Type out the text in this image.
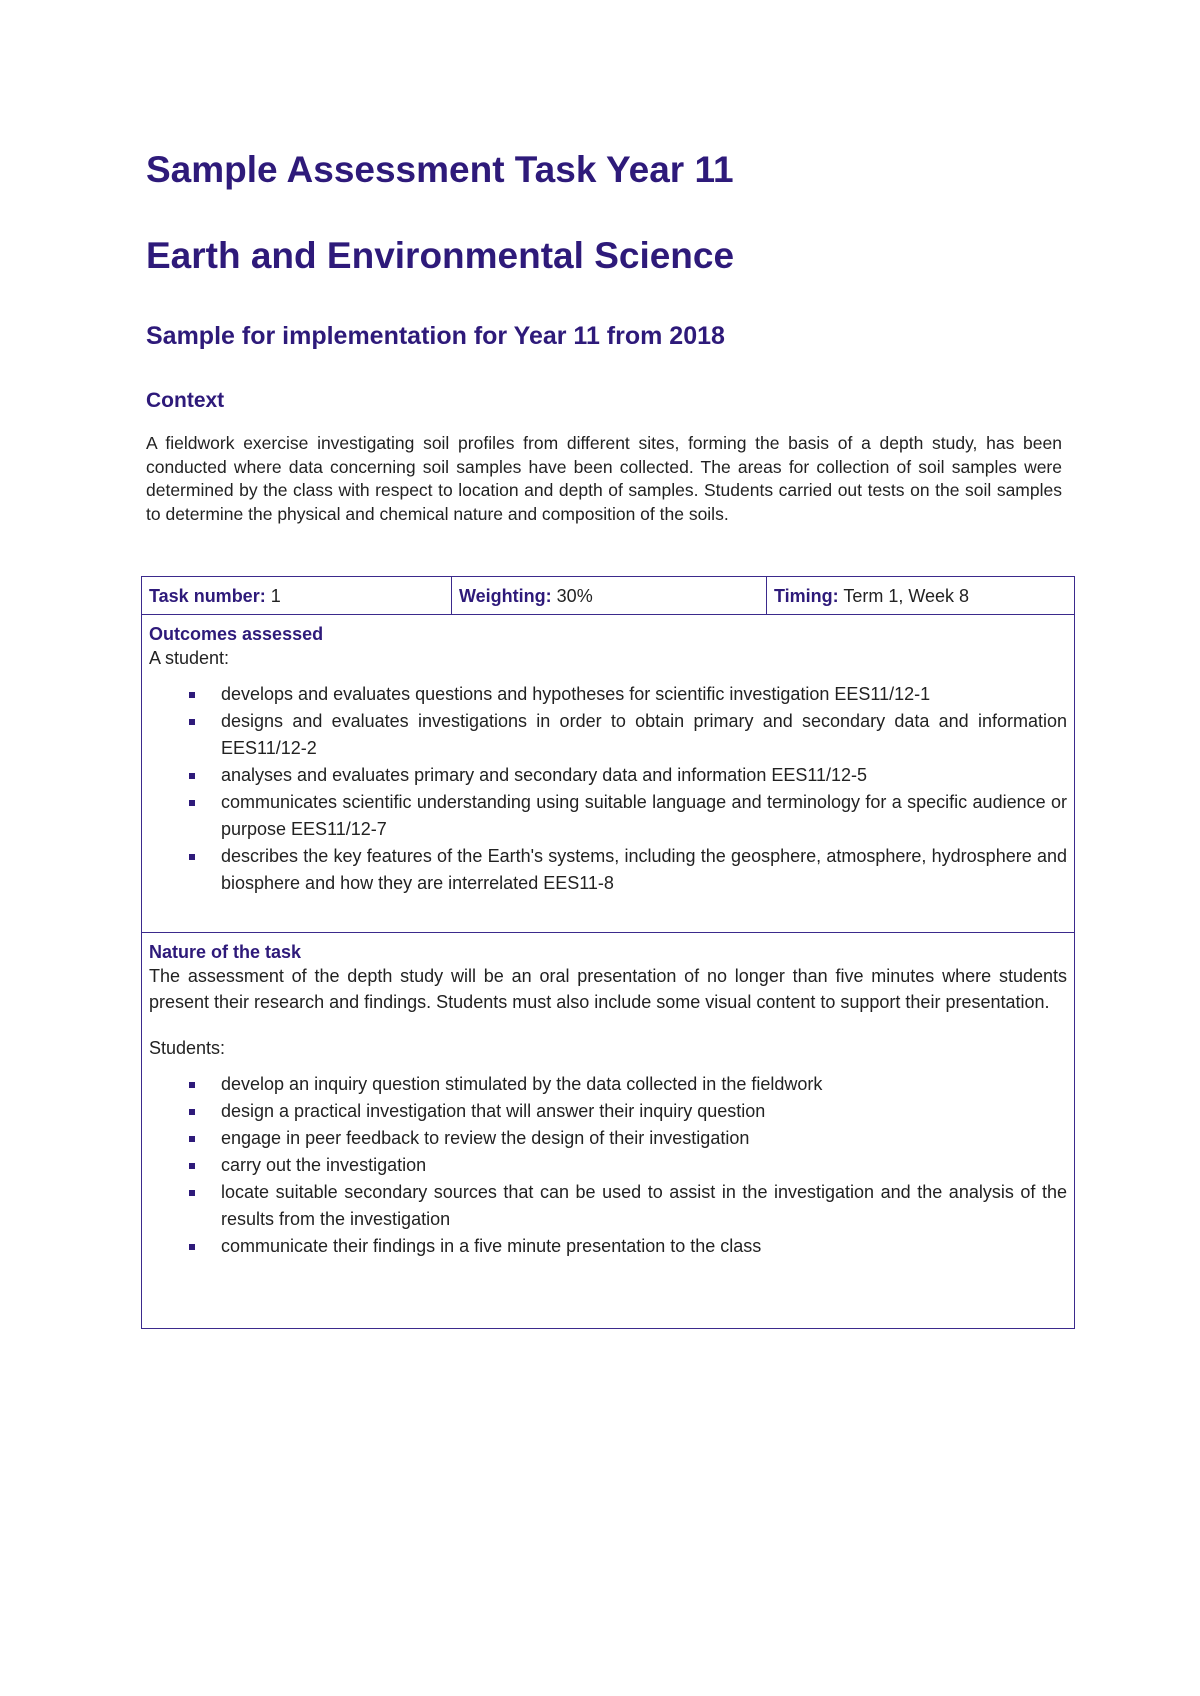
Sample Assessment Task Year 11
Earth and Environmental Science
Sample for implementation for Year 11 from 2018
Context

A fieldwork exercise investigating soil profiles from different sites, forming the basis of a depth study, has been conducted where data concerning soil samples have been collected. The areas for collection of soil samples were determined by the class with respect to location and depth of samples. Students carried out tests on the soil samples to determine the physical and chemical nature and composition of the soils.

Task number: 1	Weighting: 30%	Timing: Term 1, Week 8

Outcomes assessed

A student:

develops and evaluates questions and hypotheses for scientific investigation EES11/12-1
designs and evaluates investigations in order to obtain primary and secondary data and information EES11/12-2
analyses and evaluates primary and secondary data and information EES11/12-5
communicates scientific understanding using suitable language and terminology for a specific audience or purpose EES11/12-7
describes the key features of the Earth's systems, including the geosphere, atmosphere, hydrosphere and biosphere and how they are interrelated EES11-8

Nature of the task

The assessment of the depth study will be an oral presentation of no longer than five minutes where students present their research and findings. Students must also include some visual content to support their presentation.

Students:

develop an inquiry question stimulated by the data collected in the fieldwork
design a practical investigation that will answer their inquiry question
engage in peer feedback to review the design of their investigation
carry out the investigation
locate suitable secondary sources that can be used to assist in the investigation and the analysis of the results from the investigation
communicate their findings in a five minute presentation to the class
